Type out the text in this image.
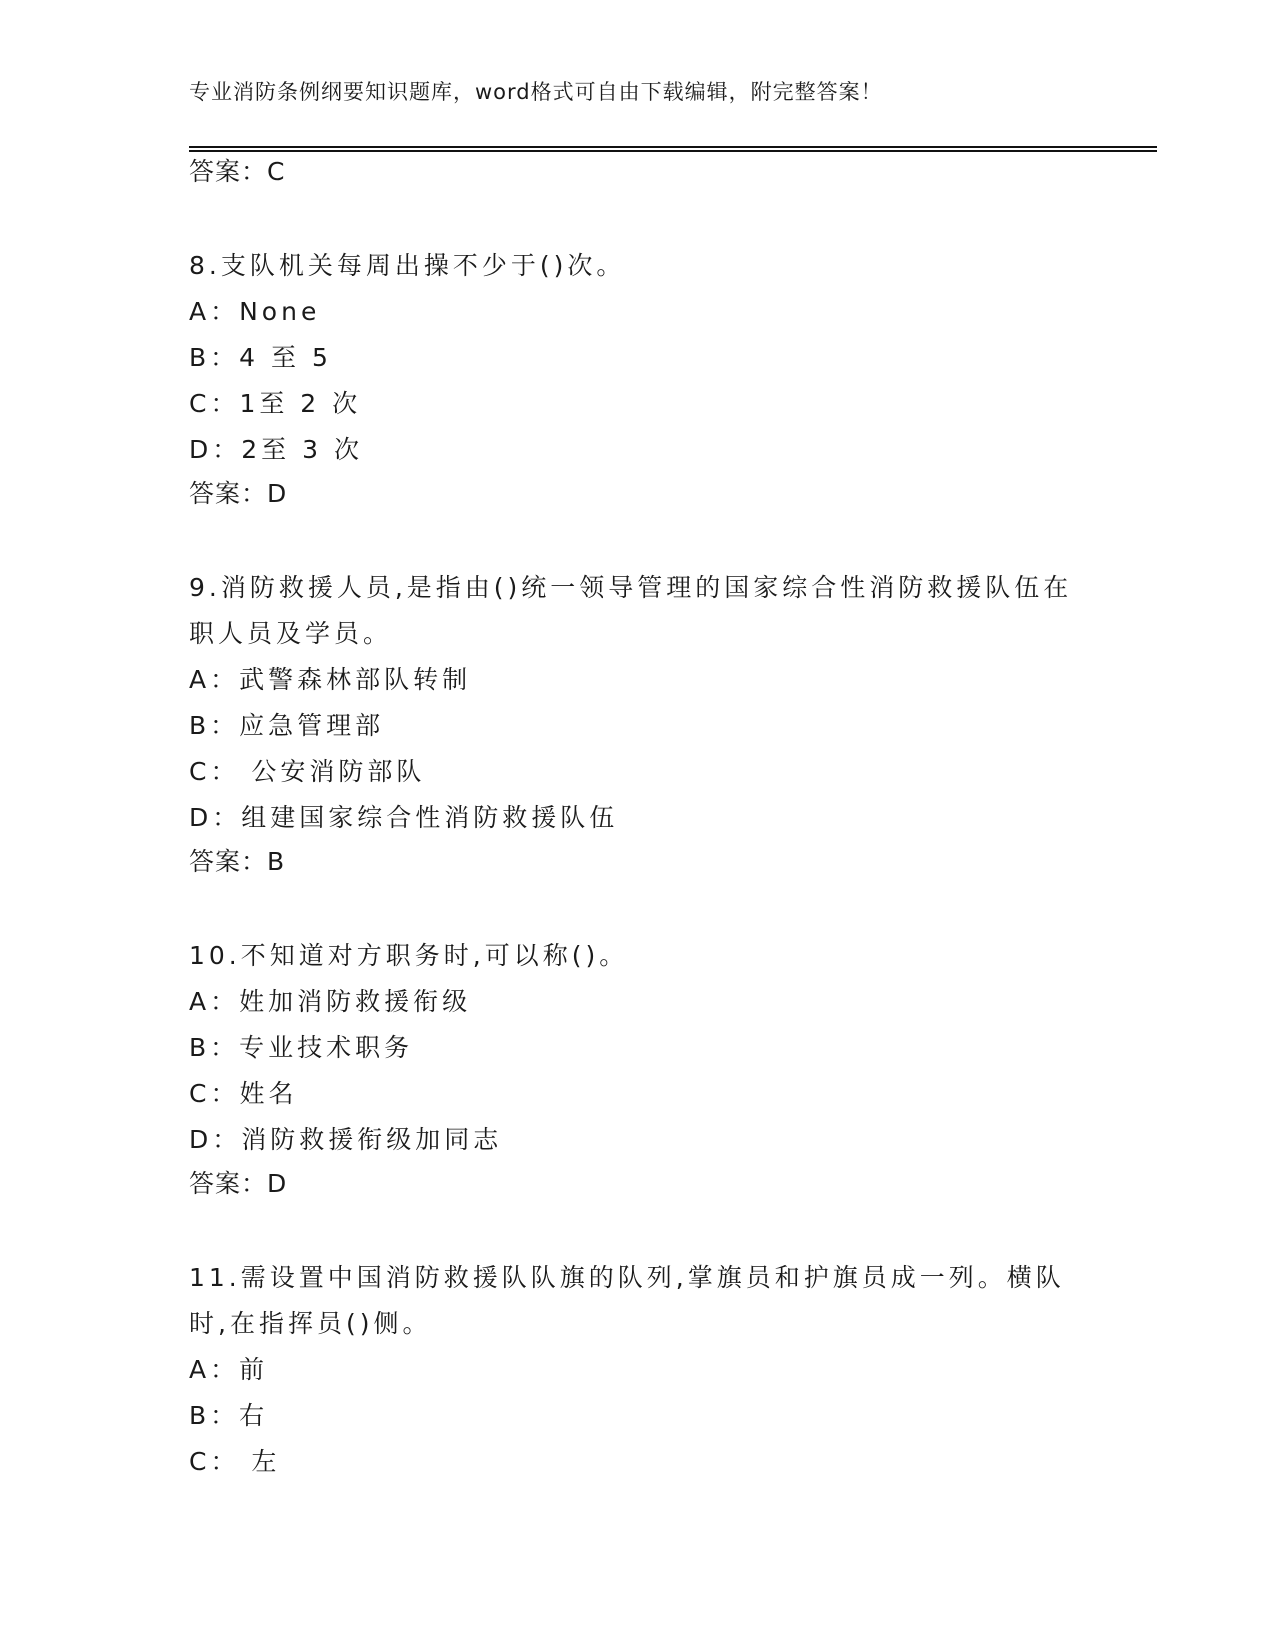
专业消防条例纲要知识题库，word格式可自由下载编辑，附完整答案！
答案：C
8.支队机关每周出操不少于()次。
A：None
B：4 至 5
C：1至 2 次
D：2至 3 次
答案：D
9.消防救援人员,是指由()统一领导管理的国家综合性消防救援队伍在职人员及学员。
A：武警森林部队转制
B：应急管理部
C： 公安消防部队
D：组建国家综合性消防救援队伍
答案：B
10.不知道对方职务时,可以称()。
A：姓加消防救援衔级
B：专业技术职务
C：姓名
D：消防救援衔级加同志
答案：D
11.需设置中国消防救援队队旗的队列,掌旗员和护旗员成一列。横队时,在指挥员()侧。
A：前
B：右
C： 左
